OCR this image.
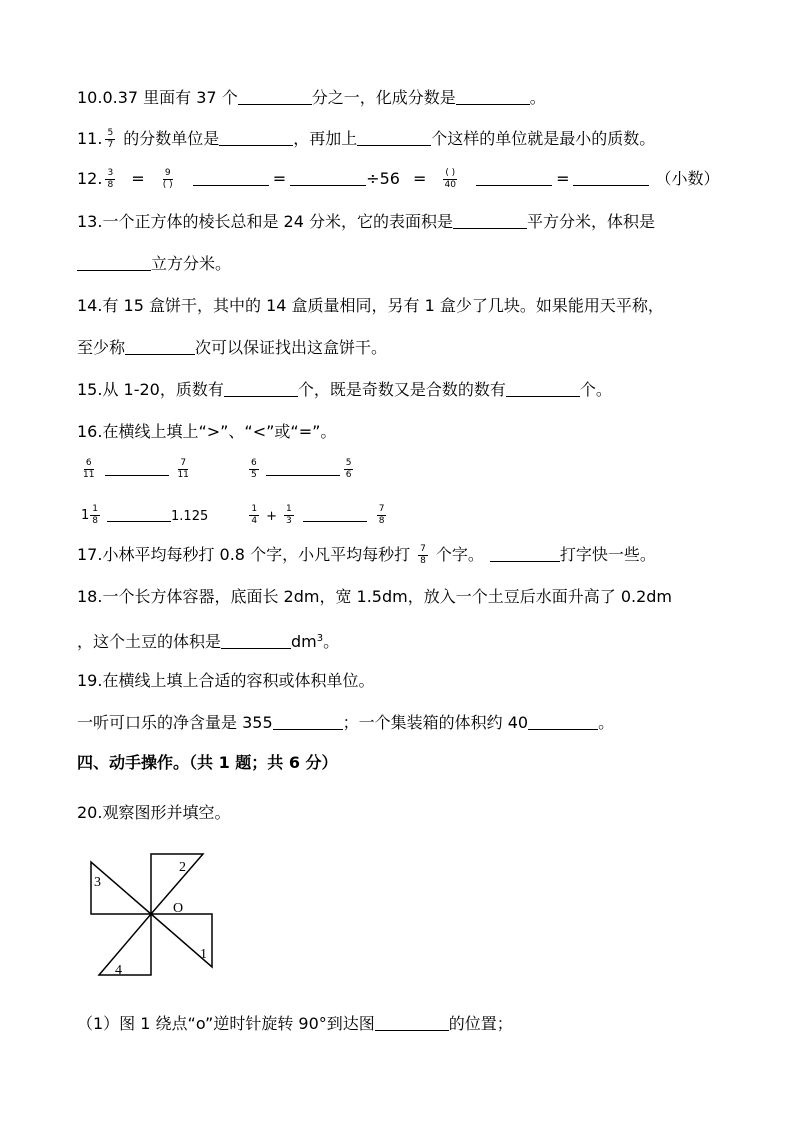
10.0.37 里面有 37 个	分之一，化成分数是	。
11. $\frac{5}{7}$ 的分数单位是	，再加上	个这样的单位就是最小的质数。
12. $\frac{3}{8} = \frac{9}{( )}$	=	$\div 56 = \frac{( )}{40}$	=	（小数）
13.一个正方体的棱长总和是 24 分米，它的表面积是	平方分米，体积是
立方分米。
14.有 15 盒饼干，其中的 14 盒质量相同，另有 1 盒少了几块。如果能用天平称，
至少称	次可以保证找出这盒饼干。
15.从 1-20，质数有	个，既是奇数又是合数的数有	个。
16.在横线上填上“>”、“<”或“=”。
$\frac{6}{11}$	$\frac{7}{11}$
	$\frac{6}{5}$	$\frac{5}{6}$
$1 \frac{1}{8}$	1.125	$\frac{1}{4} + \frac{1}{3}$	$\frac{7}{8}$
17.小林平均每秒打 0.8 个字，小凡平均每秒打 $\frac{7}{8}$ 个字。	打字快一些。
18.一个长方体容器，底面长 2dm，宽 1.5dm，放入一个土豆后水面升高了 0.2dm
，这个土豆的体积是	$dm^3$。
19.在横线上填上合适的容积或体积单位。
一听可口乐的净含量是 355	；一个集装箱的体积约 40	。
四、动手操作。（共 1 题；共 6 分）
20.观察图形并填空。
1
2
3
4
O
（1）图 1 绕点“o”逆时针旋转 90°到达图	的位置；
